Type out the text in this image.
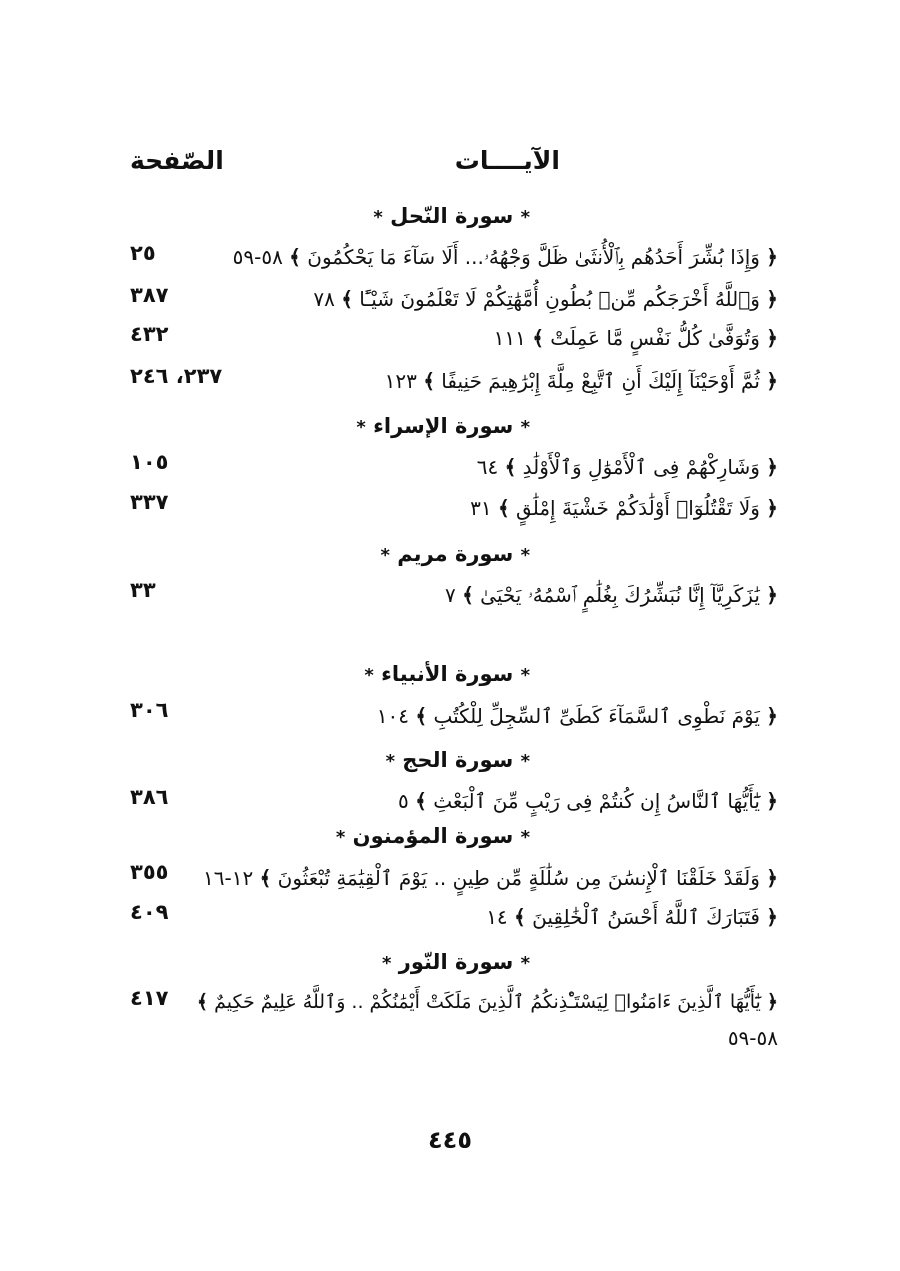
الآيــــات
الصّفحة
* سورة النّحل *
﴿ وَإِذَا بُشِّرَ أَحَدُهُم بِٱلْأُنثَىٰ ظَلَّ وَجْهُهُۥ... أَلَا سَآءَ مَا يَحْكُمُونَ ﴾ ٥٨-٥٩
٢٥
﴿ وَٱللَّهُ أَخْرَجَكُم مِّنۢ بُطُونِ أُمَّهَٰتِكُمْ لَا تَعْلَمُونَ شَيْـًٔا ﴾ ٧٨
٣٨٧
﴿ وَتُوَفَّىٰ كُلُّ نَفْسٍ مَّا عَمِلَتْ ﴾ ١١١
٤٣٢
﴿ ثُمَّ أَوْحَيْنَآ إِلَيْكَ أَنِ ٱتَّبِعْ مِلَّةَ إِبْرَٰهِيمَ حَنِيفًا ﴾ ١٢٣
٢٣٧، ٢٤٦
* سورة الإسراء *
﴿ وَشَارِكْهُمْ فِى ٱلْأَمْوَٰلِ وَٱلْأَوْلَٰدِ ﴾ ٦٤
١٠٥
﴿ وَلَا تَقْتُلُوٓا۟ أَوْلَٰدَكُمْ خَشْيَةَ إِمْلَٰقٍ ﴾ ٣١
٣٣٧
* سورة مريم *
﴿ يَٰزَكَرِيَّآ إِنَّا نُبَشِّرُكَ بِغُلَٰمٍ ٱسْمُهُۥ يَحْيَىٰ ﴾ ٧
٣٣
* سورة الأنبياء *
﴿ يَوْمَ نَطْوِى ٱلسَّمَآءَ كَطَىِّ ٱلسِّجِلِّ لِلْكُتُبِ ﴾ ١٠٤
٣٠٦
* سورة الحج *
﴿ يَٰٓأَيُّهَا ٱلنَّاسُ إِن كُنتُمْ فِى رَيْبٍ مِّنَ ٱلْبَعْثِ ﴾ ٥
٣٨٦
* سورة المؤمنون *
﴿ وَلَقَدْ خَلَقْنَا ٱلْإِنسَٰنَ مِن سُلَٰلَةٍ مِّن طِينٍ .. يَوْمَ ٱلْقِيَٰمَةِ تُبْعَثُونَ ﴾ ١٢-١٦
٣٥٥
﴿ فَتَبَارَكَ ٱللَّهُ أَحْسَنُ ٱلْخَٰلِقِينَ ﴾ ١٤
٤٠٩
* سورة النّور *
﴿ يَٰٓأَيُّهَا ٱلَّذِينَ ءَامَنُوا۟ لِيَسْتَـْٔذِنكُمُ ٱلَّذِينَ مَلَكَتْ أَيْمَٰنُكُمْ .. وَٱللَّهُ عَلِيمٌ حَكِيمٌ ﴾
٥٨-٥٩
٤١٧
٤٤٥
